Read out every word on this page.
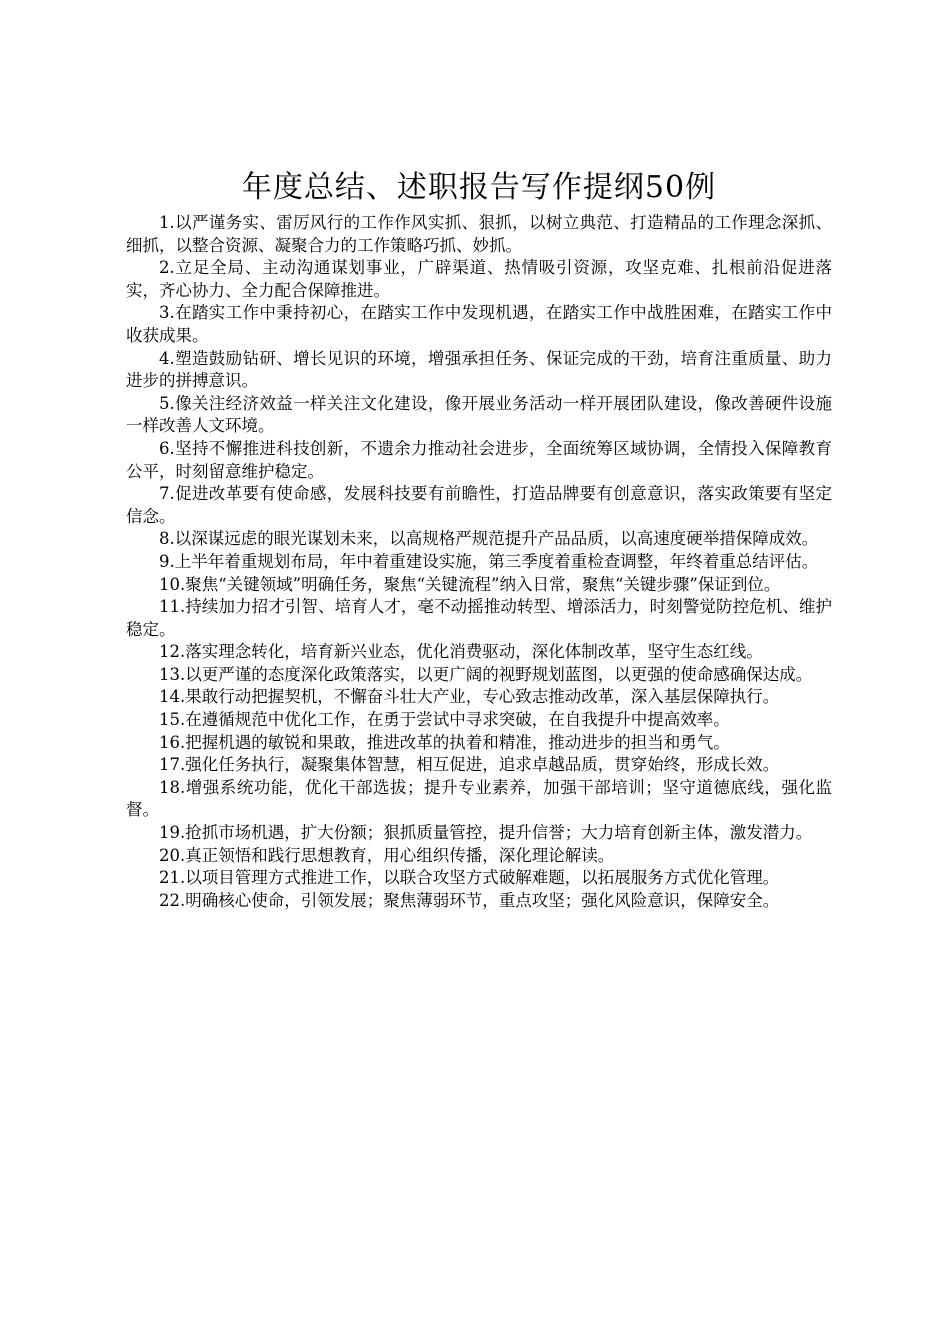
年度总结、述职报告写作提纲50例

1.以严谨务实、雷厉风行的工作作风实抓、狠抓，以树立典范、打造精品的工作理念深抓、细抓，以整合资源、凝聚合力的工作策略巧抓、妙抓。

2.立足全局、主动沟通谋划事业，广辟渠道、热情吸引资源，攻坚克难、扎根前沿促进落实，齐心协力、全力配合保障推进。

3.在踏实工作中秉持初心，在踏实工作中发现机遇，在踏实工作中战胜困难，在踏实工作中收获成果。

4.塑造鼓励钻研、增长见识的环境，增强承担任务、保证完成的干劲，培育注重质量、助力进步的拼搏意识。

5.像关注经济效益一样关注文化建设，像开展业务活动一样开展团队建设，像改善硬件设施一样改善人文环境。

6.坚持不懈推进科技创新，不遗余力推动社会进步，全面统筹区域协调，全情投入保障教育公平，时刻留意维护稳定。

7.促进改革要有使命感，发展科技要有前瞻性，打造品牌要有创意意识，落实政策要有坚定信念。

8.以深谋远虑的眼光谋划未来，以高规格严规范提升产品品质，以高速度硬举措保障成效。

9.上半年着重规划布局，年中着重建设实施，第三季度着重检查调整，年终着重总结评估。

10.聚焦“关键领域”明确任务，聚焦“关键流程”纳入日常，聚焦“关键步骤”保证到位。

11.持续加力招才引智、培育人才，毫不动摇推动转型、增添活力，时刻警觉防控危机、维护稳定。

12.落实理念转化，培育新兴业态，优化消费驱动，深化体制改革，坚守生态红线。

13.以更严谨的态度深化政策落实，以更广阔的视野规划蓝图，以更强的使命感确保达成。

14.果敢行动把握契机，不懈奋斗壮大产业，专心致志推动改革，深入基层保障执行。

15.在遵循规范中优化工作，在勇于尝试中寻求突破，在自我提升中提高效率。

16.把握机遇的敏锐和果敢，推进改革的执着和精准，推动进步的担当和勇气。

17.强化任务执行，凝聚集体智慧，相互促进，追求卓越品质，贯穿始终，形成长效。

18.增强系统功能，优化干部选拔；提升专业素养，加强干部培训；坚守道德底线，强化监督。

19.抢抓市场机遇，扩大份额；狠抓质量管控，提升信誉；大力培育创新主体，激发潜力。

20.真正领悟和践行思想教育，用心组织传播，深化理论解读。

21.以项目管理方式推进工作，以联合攻坚方式破解难题，以拓展服务方式优化管理。

22.明确核心使命，引领发展；聚焦薄弱环节，重点攻坚；强化风险意识，保障安全。
